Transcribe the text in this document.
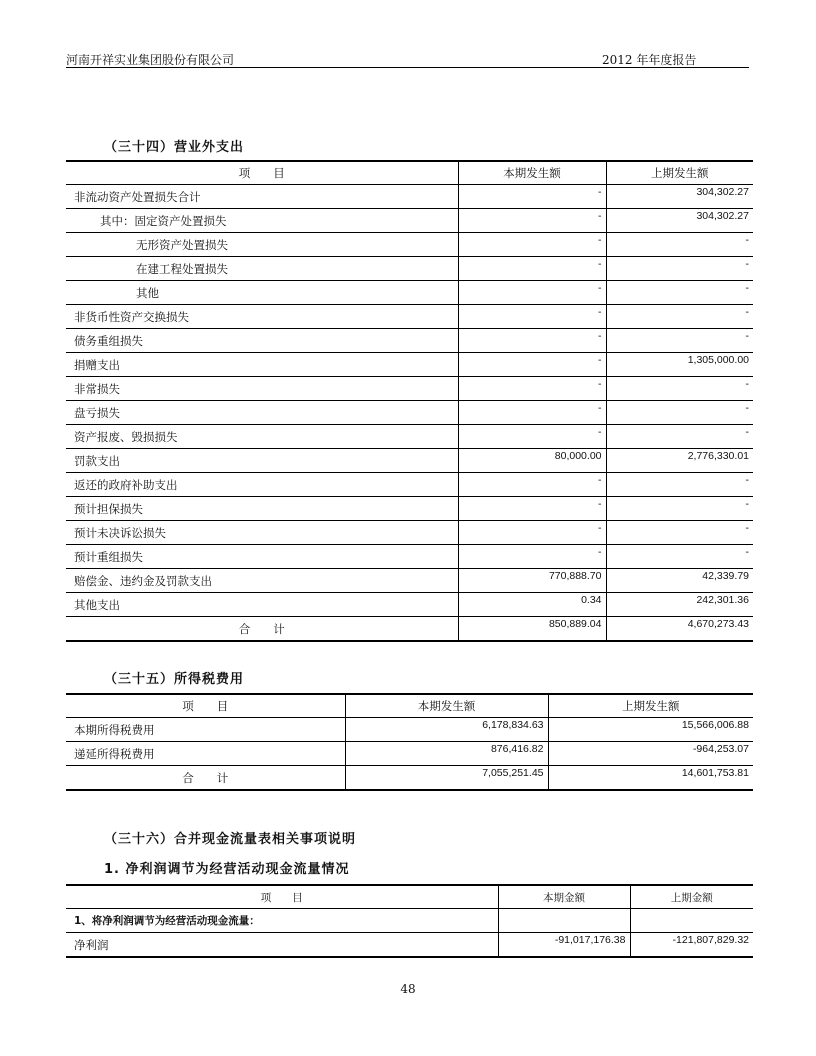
河南开祥实业集团股份有限公司	2012 年年度报告
（三十四）营业外支出
项　　目	本期发生额	上期发生额
非流动资产处置损失合计	-	304,302.27
其中：固定资产处置损失	-	304,302.27
无形资产处置损失	-	-
在建工程处置损失	-	-
其他	-	-
非货币性资产交换损失	-	-
债务重组损失	-	-
捐赠支出	-	1,305,000.00
非常损失	-	-
盘亏损失	-	-
资产报废、毁损损失	-	-
罚款支出	80,000.00	2,776,330.01
返还的政府补助支出	-	-
预计担保损失	-	-
预计未决诉讼损失	-	-
预计重组损失	-	-
赔偿金、违约金及罚款支出	770,888.70	42,339.79
其他支出	0.34	242,301.36
合　　计	850,889.04	4,670,273.43
（三十五）所得税费用
项　　目	本期发生额	上期发生额
本期所得税费用	6,178,834.63	15,566,006.88
递延所得税费用	876,416.82	-964,253.07
合　　计	7,055,251.45	14,601,753.81
（三十六）合并现金流量表相关事项说明
1. 净利润调节为经营活动现金流量情况
项　　目	本期金额	上期金额
1、将净利润调节为经营活动现金流量：		
净利润	-91,017,176.38	-121,807,829.32
48
